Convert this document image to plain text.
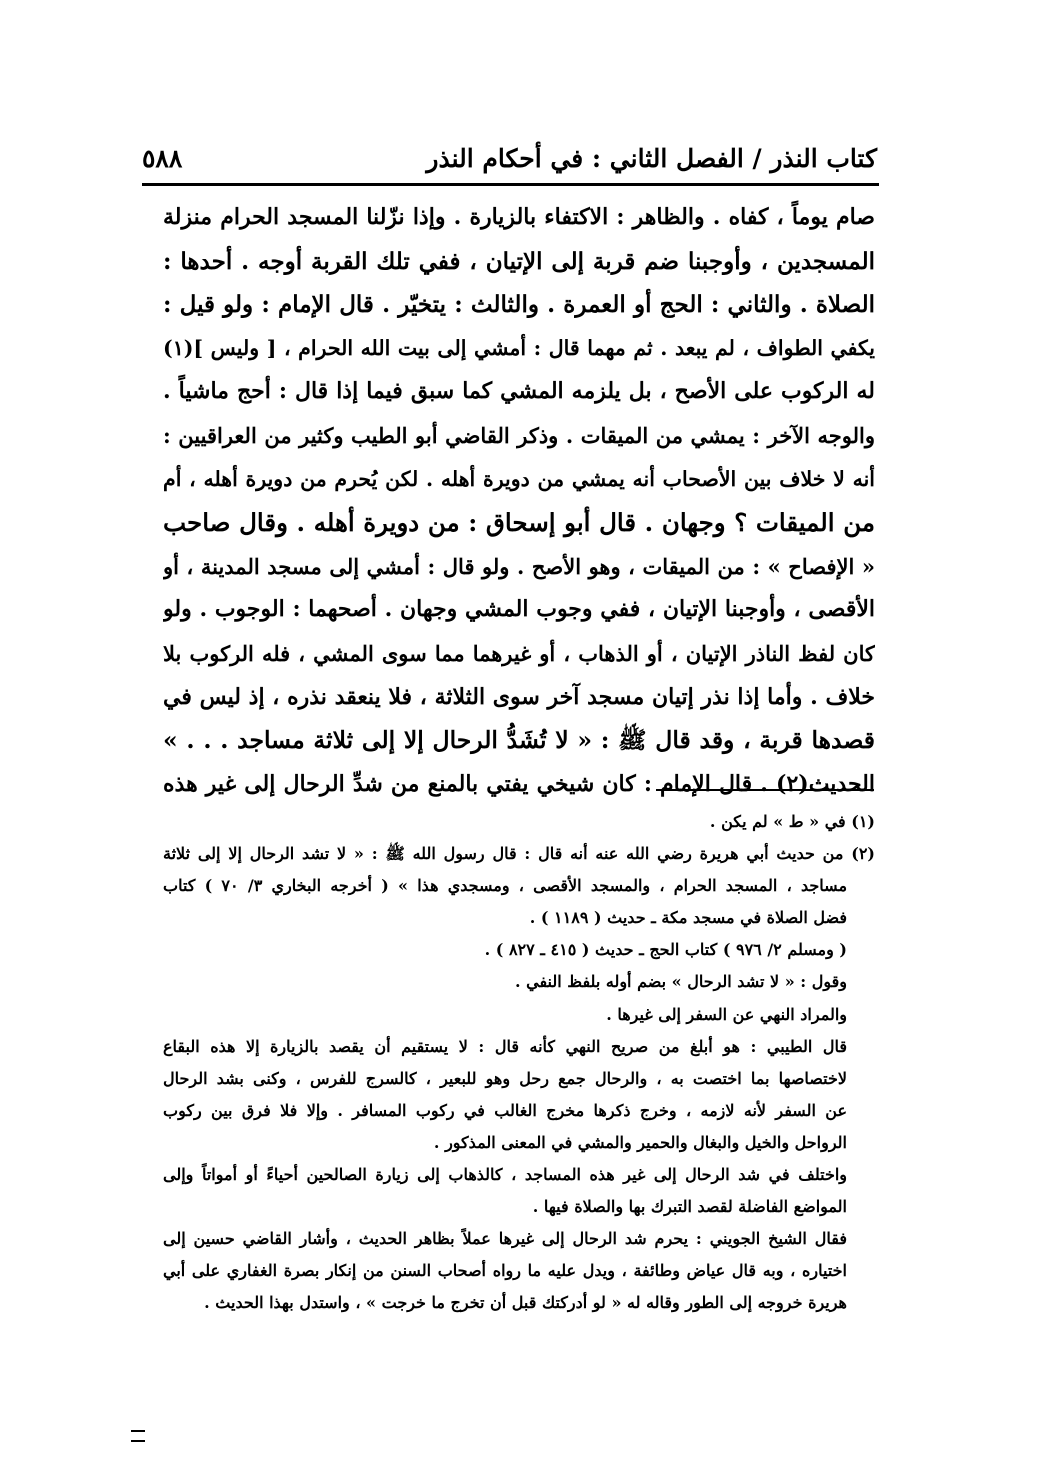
كتاب النذر / الفصل الثاني : في أحكام النذر
٥٨٨
صام يوماً ، كفاه . والظاهر : الاكتفاء بالزيارة . وإذا نزّلنا المسجد الحرام منزلة
المسجدين ، وأوجبنا ضم قربة إلى الإتيان ، ففي تلك القربة أوجه . أحدها :
الصلاة . والثاني : الحج أو العمرة . والثالث : يتخيّر . قال الإمام : ولو قيل :
يكفي الطواف ، لم يبعد . ثم مهما قال : أمشي إلى بيت الله الحرام ، [ وليس ](١)
له الركوب على الأصح ، بل يلزمه المشي كما سبق فيما إذا قال : أحج ماشياً .
والوجه الآخر : يمشي من الميقات . وذكر القاضي أبو الطيب وكثير من العراقيين :
أنه لا خلاف بين الأصحاب أنه يمشي من دويرة أهله . لكن يُحرم من دويرة أهله ، أم
من الميقات ؟ وجهان . قال أبو إسحاق : من دويرة أهله . وقال صاحب
« الإفصاح » : من الميقات ، وهو الأصح . ولو قال : أمشي إلى مسجد المدينة ، أو
الأقصى ، وأوجبنا الإتيان ، ففي وجوب المشي وجهان . أصحهما : الوجوب . ولو
كان لفظ الناذر الإتيان ، أو الذهاب ، أو غيرهما مما سوى المشي ، فله الركوب بلا
خلاف . وأما إذا نذر إتيان مسجد آخر سوى الثلاثة ، فلا ينعقد نذره ، إذ ليس في
قصدها قربة ، وقد قال ﷺ : « لا تُشَدُّ الرحال إلا إلى ثلاثة مساجد . . . »
الحديث(٢) . قال الإمام : كان شيخي يفتي بالمنع من شدِّ الرحال إلى غير هذه
(١) في « ط » لم يكن .
(٢) من حديث أبي هريرة رضي الله عنه أنه قال : قال رسول الله ﷺ : « لا تشد الرحال إلا إلى ثلاثة
مساجد ، المسجد الحرام ، والمسجد الأقصى ، ومسجدي هذا » ( أخرجه البخاري ٣/ ٧٠ ) كتاب
فضل الصلاة في مسجد مكة ـ حديث ( ١١٨٩ ) .
( ومسلم ٢/ ٩٧٦ ) كتاب الحج ـ حديث ( ٤١٥ ـ ٨٢٧ ) .
وقول : « لا تشد الرحال » بضم أوله بلفظ النفي .
والمراد النهي عن السفر إلى غيرها .
قال الطيبي : هو أبلغ من صريح النهي كأنه قال : لا يستقيم أن يقصد بالزيارة إلا هذه البقاع
لاختصاصها بما اختصت به ، والرحال جمع رحل وهو للبعير ، كالسرج للفرس ، وكنى بشد الرحال
عن السفر لأنه لازمه ، وخرج ذكرها مخرج الغالب في ركوب المسافر . وإلا فلا فرق بين ركوب
الرواحل والخيل والبغال والحمير والمشي في المعنى المذكور .
واختلف في شد الرحال إلى غير هذه المساجد ، كالذهاب إلى زيارة الصالحين أحياءً أو أمواتاً وإلى
المواضع الفاضلة لقصد التبرك بها والصلاة فيها .
فقال الشيخ الجويني : يحرم شد الرحال إلى غيرها عملاً بظاهر الحديث ، وأشار القاضي حسين إلى
اختياره ، وبه قال عياض وطائفة ، ويدل عليه ما رواه أصحاب السنن من إنكار بصرة الغفاري على أبي
هريرة خروجه إلى الطور وقاله له « لو أدركتك قبل أن تخرج ما خرجت » ، واستدل بهذا الحديث .
